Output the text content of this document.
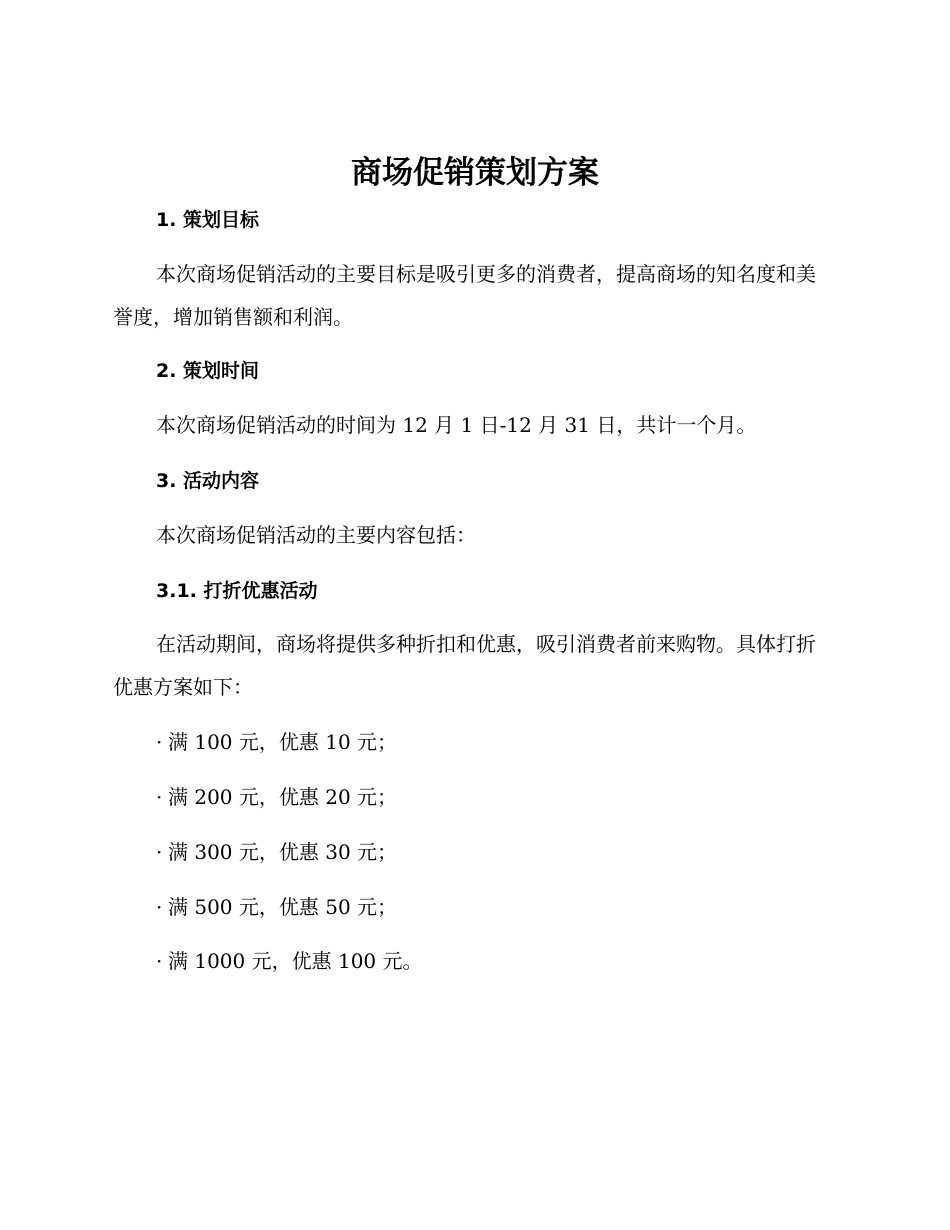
商场促销策划方案
1. 策划目标

本次商场促销活动的主要目标是吸引更多的消费者，提高商场的知名度和美誉度，增加销售额和利润。

2. 策划时间

本次商场促销活动的时间为 12 月 1 日-12 月 31 日，共计一个月。

3. 活动内容

本次商场促销活动的主要内容包括：

3.1. 打折优惠活动

在活动期间，商场将提供多种折扣和优惠，吸引消费者前来购物。具体打折优惠方案如下：

· 满 100 元，优惠 10 元；
· 满 200 元，优惠 20 元；
· 满 300 元，优惠 30 元；
· 满 500 元，优惠 50 元；
· 满 1000 元，优惠 100 元。
